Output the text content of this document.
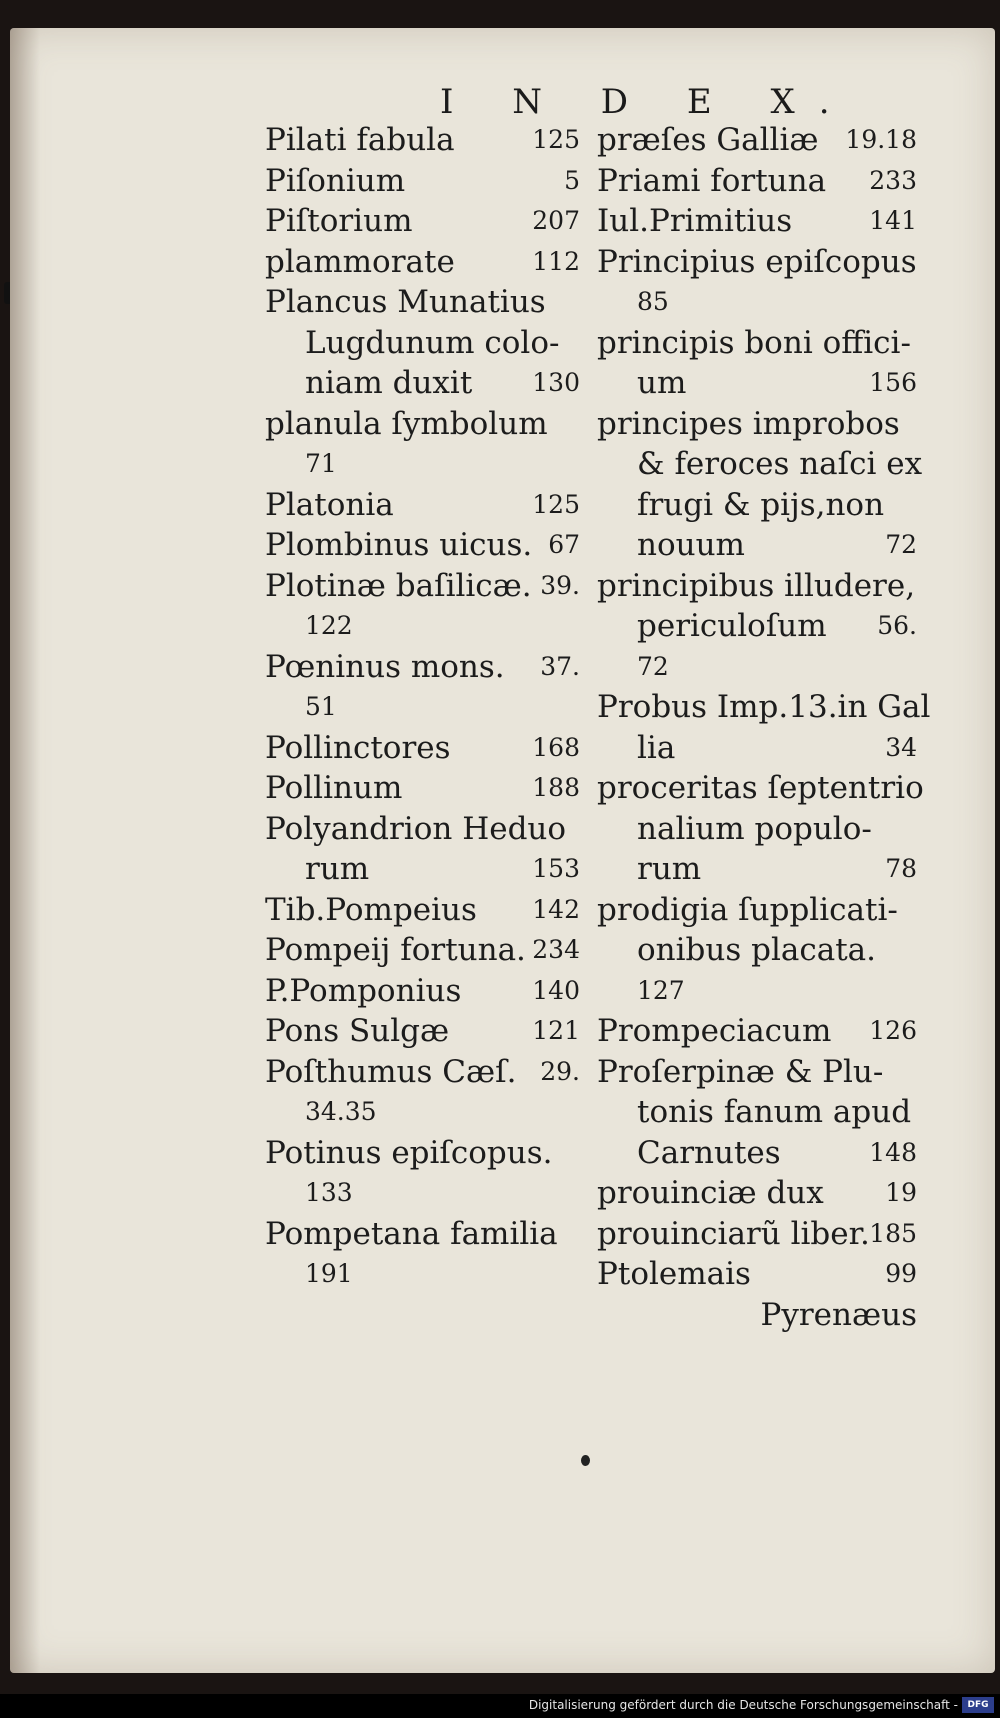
I N D E X.
Pilati fabula	125
Piſonium	5
Piſtorium	207
plammorate	112
Plancus Munatius
Lugdunum colo-
niam duxit 130
planula ſymbolum
71
Platonia	125
Plombinus uicus. 67
Plotinæ baſilicæ. 39.
122
Pœninus mons. 37.
51
Pollinctores	168
Pollinum	188
Polyandrion Heduo
rum	153
Tib.Pompeius 142
Pompeij fortuna. 234
P.Pomponius	140
Pons Sulgæ	121
Poſthumus Cæſ. 29.
34.35
Potinus epiſcopus.
133
Pompetana familia
191
præſes Galliæ 19.18
Priami fortuna 233
Iul.Primitius	141
Principius epiſcopus
85
principis boni offici-
um	156
principes improbos
& feroces naſci ex
frugi & pijs,non
nouum	72
principibus illudere,
periculoſum 56.
72
Probus Imp.13.in Gal
lia	34
proceritas ſeptentrio
nalium populo-
rum	78
prodigia ſupplicati-
onibus placata.
127
Prompeciacum 126
Proſerpinæ & Plu-
tonis fanum apud
Carnutes	148
prouinciæ dux 19
prouinciarũ liber. 185
Ptolemais	99
Pyrenæus
Digitalisierung gefördert durch die Deutsche Forschungsgemeinschaft -	DFG
